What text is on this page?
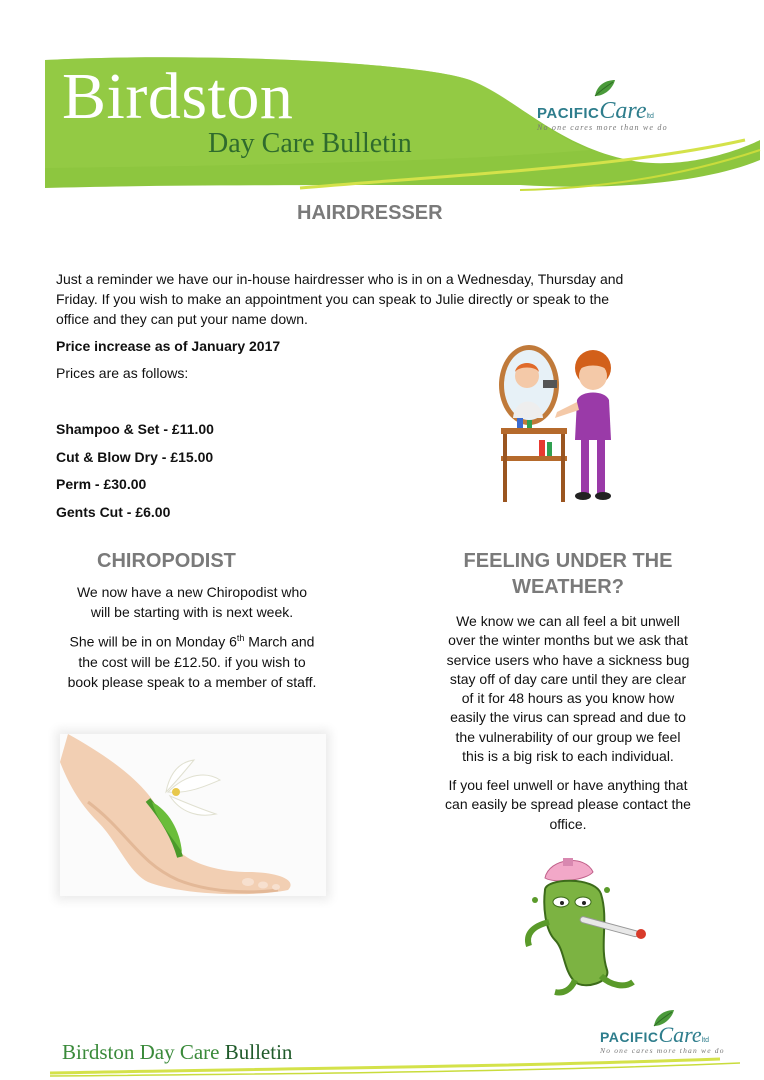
Birdston
Day Care Bulletin
PACIFICCareltd
No one cares more than we do
HAIRDRESSER
Just a reminder we have our in-house hairdresser who is in on a Wednesday, Thursday and
Friday. If you wish to make an appointment you can speak to Julie directly or speak to the
office and they can put your name down.
Price increase as of January 2017
Prices are as follows:
Shampoo & Set - £11.00
Cut & Blow Dry - £15.00
Perm - £30.00
Gents Cut - £6.00
CHIROPODIST
We now have a new Chiropodist who
will be starting with is next week.
She will be in on Monday 6th March and
the cost will be £12.50. if you wish to
book please speak to a member of staff.
FEELING UNDER THE
WEATHER?
We know we can all feel a bit unwell
over the winter months but we ask that
service users who have a sickness bug
stay off of day care until they are clear
of it for 48 hours as you know how
easily the virus can spread and due to
the vulnerability of our group we feel
this is a big risk to each individual.
If you feel unwell or have anything that
can easily be spread please contact the
office.
Birdston Day Care Bulletin
PACIFICCareltd
No one cares more than we do
